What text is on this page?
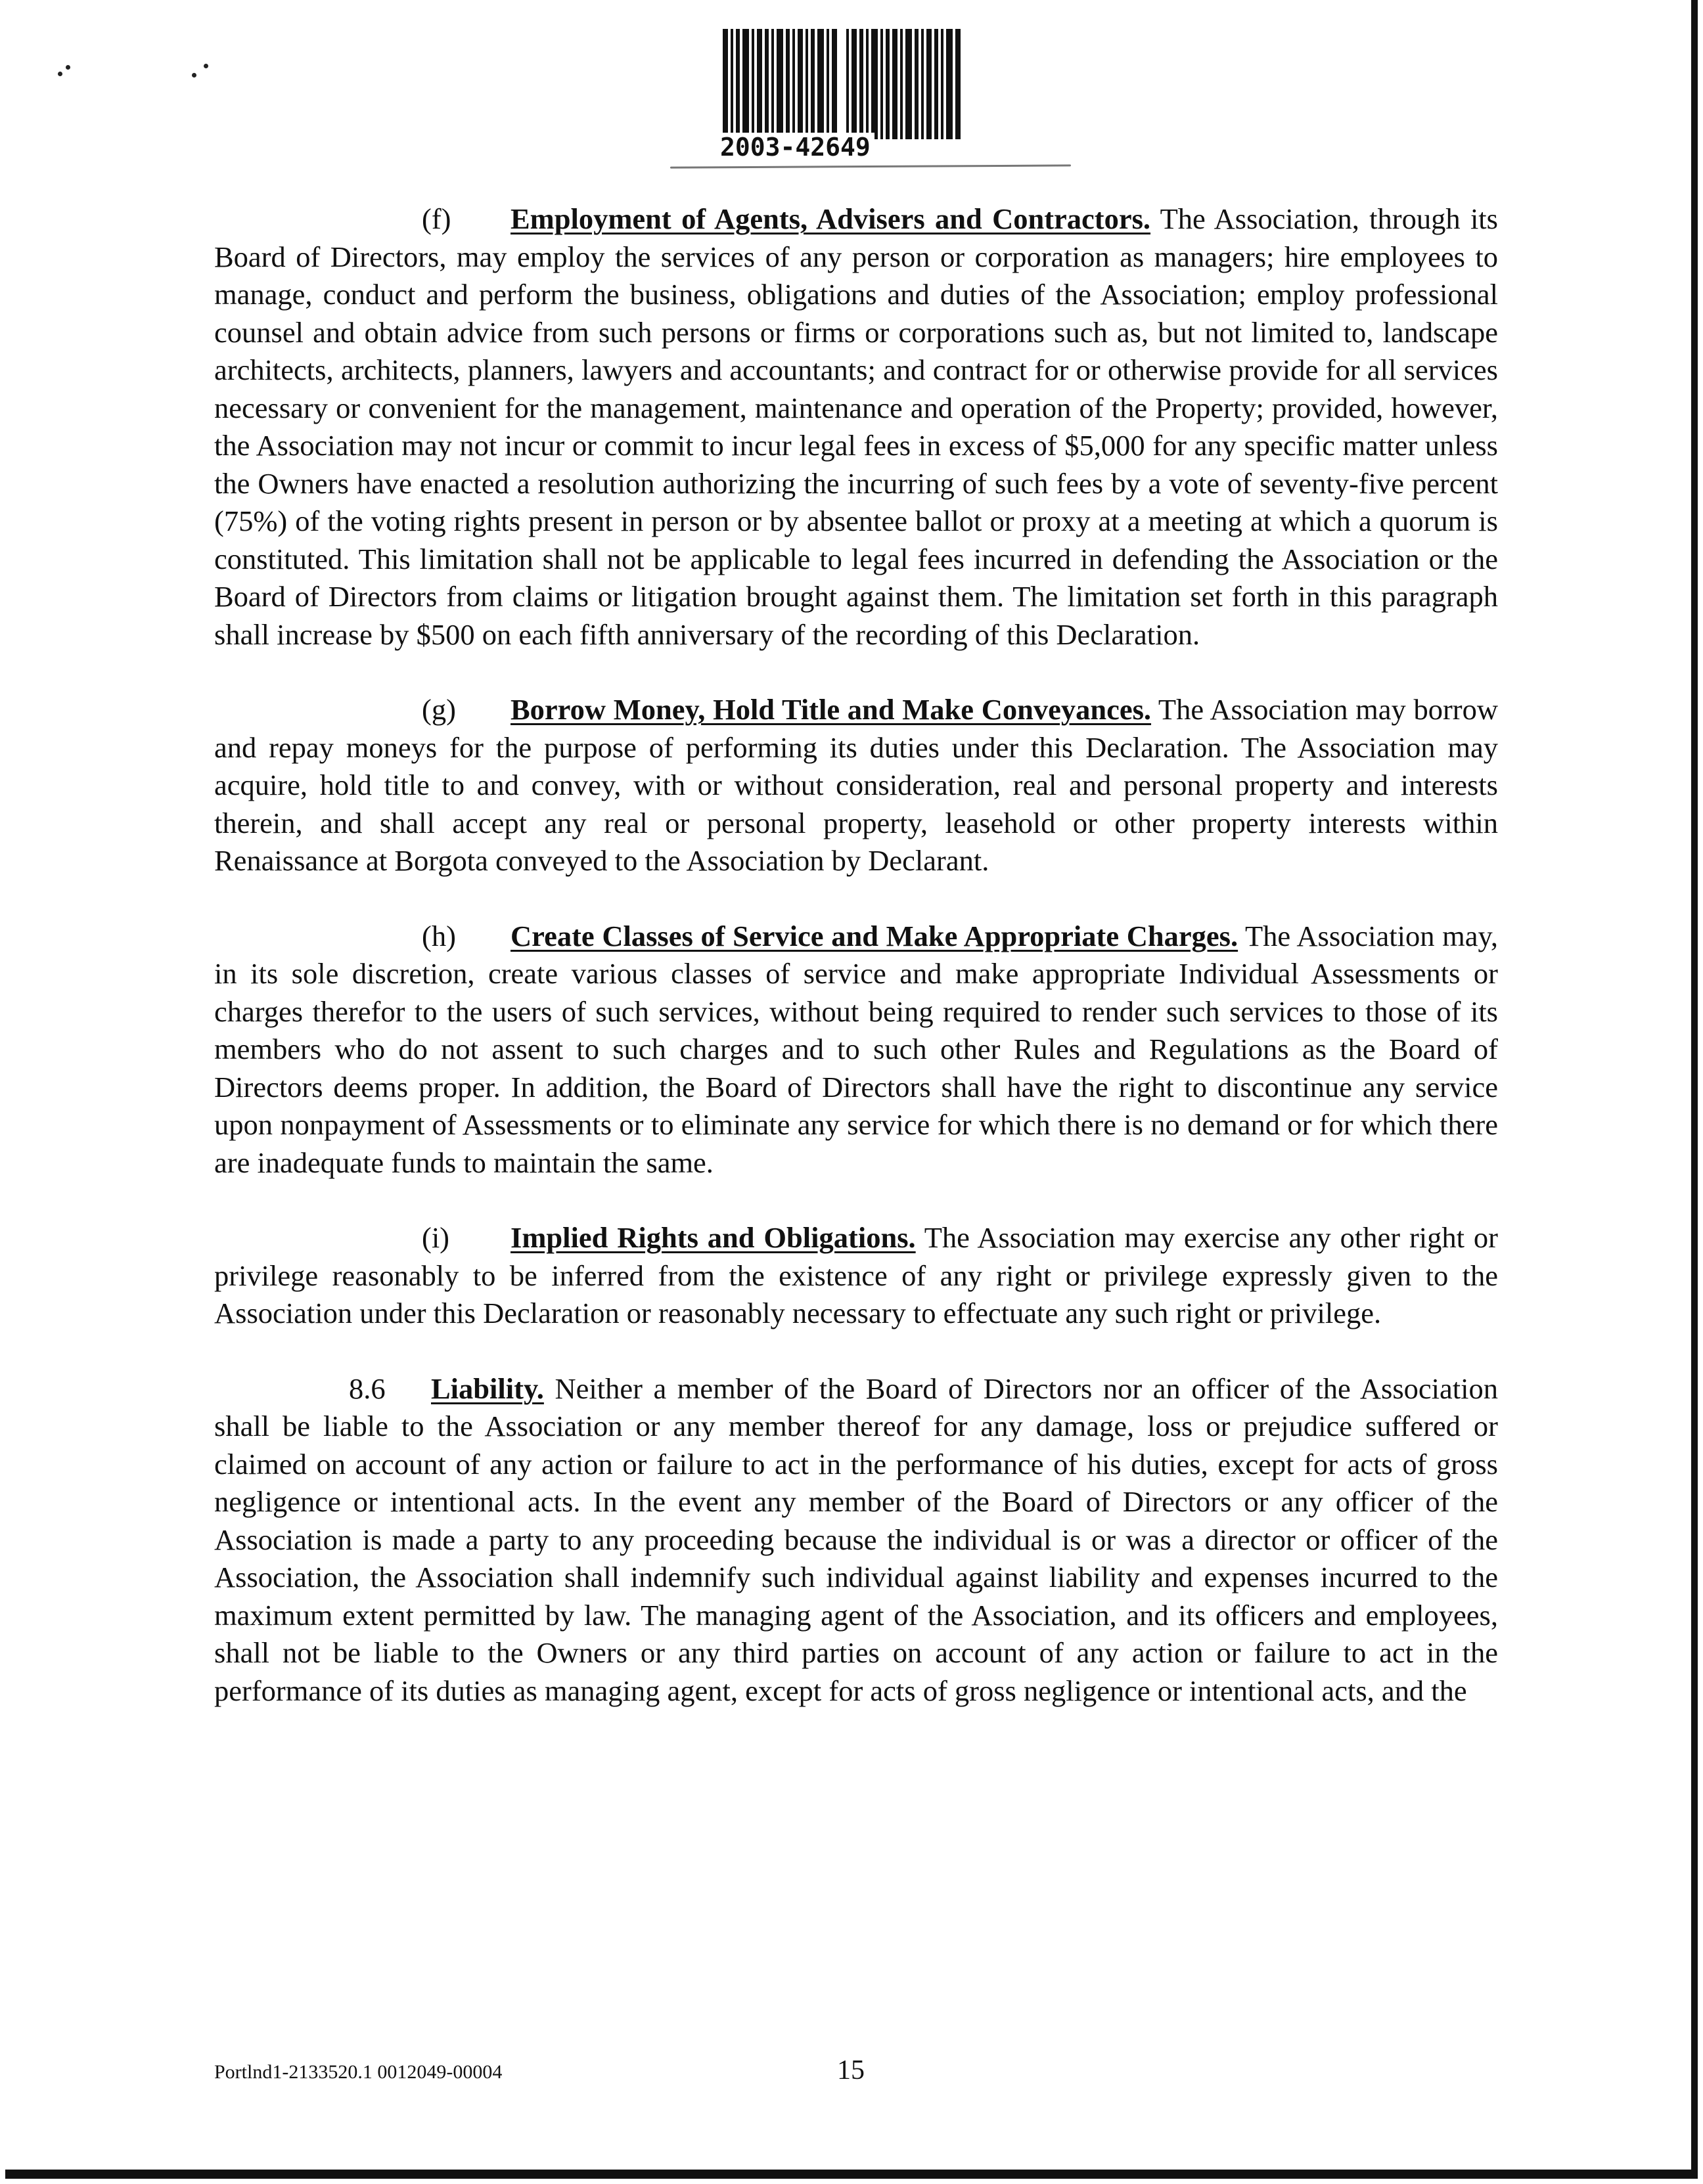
2003-42649

(f) Employment of Agents, Advisers and Contractors. The Association, through its Board of Directors, may employ the services of any person or corporation as managers; hire employees to manage, conduct and perform the business, obligations and duties of the Association; employ professional counsel and obtain advice from such persons or firms or corporations such as, but not limited to, landscape architects, architects, planners, lawyers and accountants; and contract for or otherwise provide for all services necessary or convenient for the management, maintenance and operation of the Property; provided, however, the Association may not incur or commit to incur legal fees in excess of $5,000 for any specific matter unless the Owners have enacted a resolution authorizing the incurring of such fees by a vote of seventy-five percent (75%) of the voting rights present in person or by absentee ballot or proxy at a meeting at which a quorum is constituted. This limitation shall not be applicable to legal fees incurred in defending the Association or the Board of Directors from claims or litigation brought against them. The limitation set forth in this paragraph shall increase by $500 on each fifth anniversary of the recording of this Declaration.

(g) Borrow Money, Hold Title and Make Conveyances. The Association may borrow and repay moneys for the purpose of performing its duties under this Declaration. The Association may acquire, hold title to and convey, with or without consideration, real and personal property and interests therein, and shall accept any real or personal property, leasehold or other property interests within Renaissance at Borgota conveyed to the Association by Declarant.

(h) Create Classes of Service and Make Appropriate Charges. The Association may, in its sole discretion, create various classes of service and make appropriate Individual Assessments or charges therefor to the users of such services, without being required to render such services to those of its members who do not assent to such charges and to such other Rules and Regulations as the Board of Directors deems proper. In addition, the Board of Directors shall have the right to discontinue any service upon nonpayment of Assessments or to eliminate any service for which there is no demand or for which there are inadequate funds to maintain the same.

(i) Implied Rights and Obligations. The Association may exercise any other right or privilege reasonably to be inferred from the existence of any right or privilege expressly given to the Association under this Declaration or reasonably necessary to effectuate any such right or privilege.

8.6 Liability. Neither a member of the Board of Directors nor an officer of the Association shall be liable to the Association or any member thereof for any damage, loss or prejudice suffered or claimed on account of any action or failure to act in the performance of his duties, except for acts of gross negligence or intentional acts. In the event any member of the Board of Directors or any officer of the Association is made a party to any proceeding because the individual is or was a director or officer of the Association, the Association shall indemnify such individual against liability and expenses incurred to the maximum extent permitted by law. The managing agent of the Association, and its officers and employees, shall not be liable to the Owners or any third parties on account of any action or failure to act in the performance of its duties as managing agent, except for acts of gross negligence or intentional acts, and the

Portlnd1-2133520.1 0012049-00004	15
